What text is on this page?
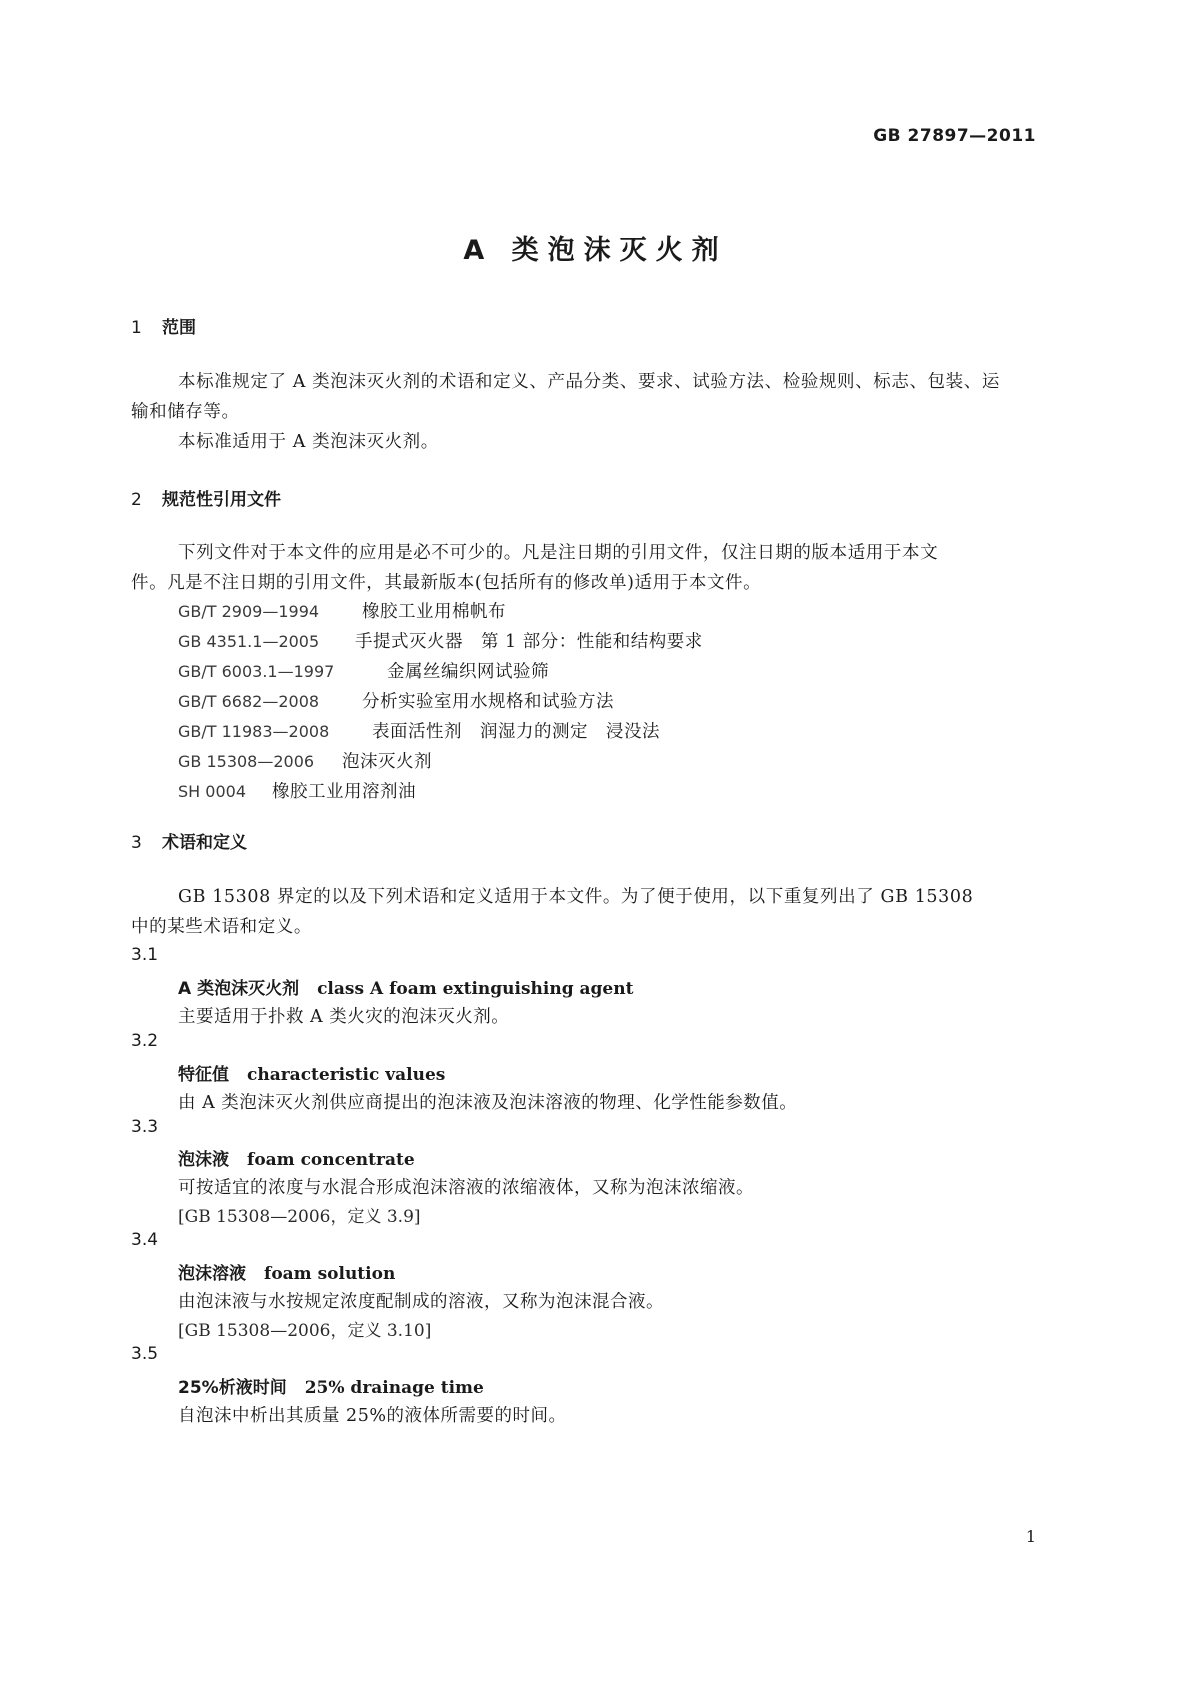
GB 27897—2011
A 类泡沫灭火剂
1 范围
本标准规定了 A 类泡沫灭火剂的术语和定义、产品分类、要求、试验方法、检验规则、标志、包装、运
输和储存等。
本标准适用于 A 类泡沫灭火剂。
2 规范性引用文件
下列文件对于本文件的应用是必不可少的。凡是注日期的引用文件，仅注日期的版本适用于本文
件。凡是不注日期的引用文件，其最新版本(包括所有的修改单)适用于本文件。
GB/T 2909—1994 橡胶工业用棉帆布
GB 4351.1—2005 手提式灭火器　第 1 部分：性能和结构要求
GB/T 6003.1—1997	金属丝编织网试验筛
GB/T 6682—2008 分析实验室用水规格和试验方法
GB/T 11983—2008 表面活性剂　润湿力的测定　浸没法
GB 15308—2006 泡沫灭火剂
SH 0004 橡胶工业用溶剂油
3 术语和定义
GB 15308 界定的以及下列术语和定义适用于本文件。为了便于使用，以下重复列出了 GB 15308
中的某些术语和定义。
3.1
A 类泡沫灭火剂 class A foam extinguishing agent
主要适用于扑救 A 类火灾的泡沫灭火剂。
3.2
特征值 characteristic values
由 A 类泡沫灭火剂供应商提出的泡沫液及泡沫溶液的物理、化学性能参数值。
3.3
泡沫液 foam concentrate
可按适宜的浓度与水混合形成泡沫溶液的浓缩液体，又称为泡沫浓缩液。
[GB 15308—2006，定义 3.9]
3.4
泡沫溶液 foam solution
由泡沫液与水按规定浓度配制成的溶液，又称为泡沫混合液。
[GB 15308—2006，定义 3.10]
3.5
25%析液时间 25% drainage time
自泡沫中析出其质量 25%的液体所需要的时间。
1
